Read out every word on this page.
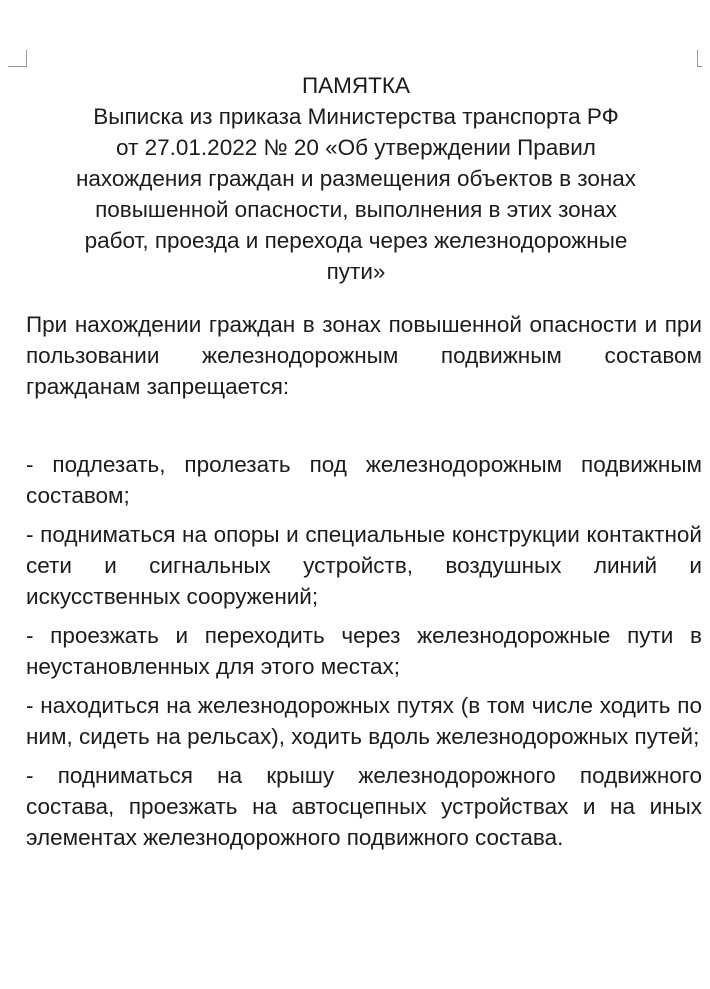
ПАМЯТКА
Выписка из приказа Министерства транспорта РФ
от 27.01.2022 № 20 «Об утверждении Правил
нахождения граждан и размещения объектов в зонах
повышенной опасности, выполнения в этих зонах
работ, проезда и перехода через железнодорожные
пути»

При нахождении граждан в зонах повышенной опасности и при пользовании железнодорожным подвижным составом гражданам запрещается:

- подлезать, пролезать под железнодорожным подвижным составом;

- подниматься на опоры и специальные конструкции контактной сети и сигнальных устройств, воздушных линий и искусственных сооружений;

- проезжать и переходить через железнодорожные пути в неустановленных для этого местах;

- находиться на железнодорожных путях (в том числе ходить по ним, сидеть на рельсах), ходить вдоль железнодорожных путей;

- подниматься на крышу железнодорожного подвижного состава, проезжать на автосцепных устройствах и на иных элементах железнодорожного подвижного состава.
